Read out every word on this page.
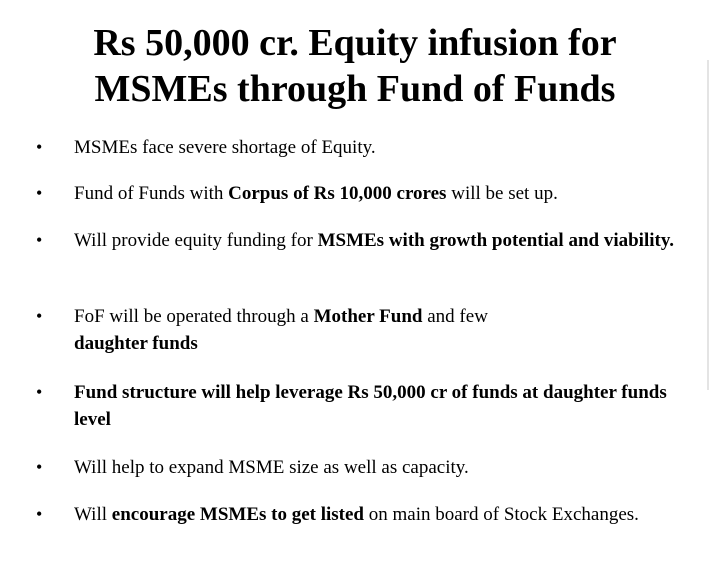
Rs 50,000 cr. Equity infusion for
MSMEs through Fund of Funds
•	MSMEs face severe shortage of Equity.
•	Fund of Funds with Corpus of Rs 10,000 crores will be set up.
•	Will provide equity funding for MSMEs with growth potential and viability.
•	FoF will be operated through a Mother Fund and few
daughter funds
•	Fund structure will help leverage Rs 50,000 cr of funds at daughter funds level
•	Will help to expand MSME size as well as capacity.
•	Will encourage MSMEs to get listed on main board of Stock Exchanges.
